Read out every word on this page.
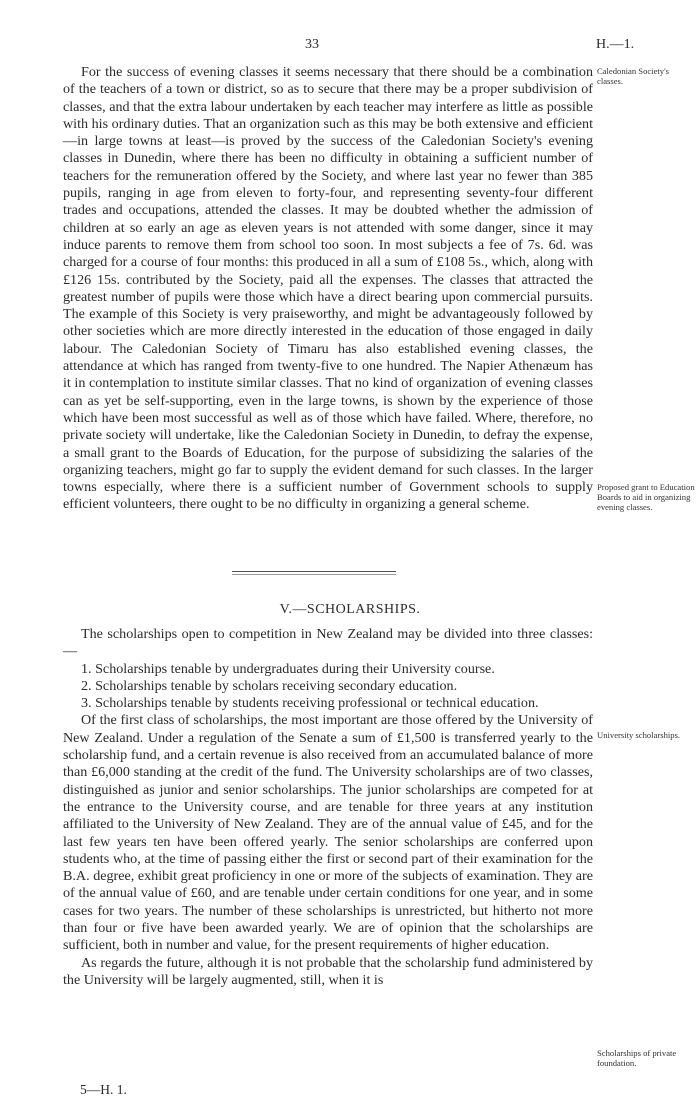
33	H.—1.

For the success of evening classes it seems necessary that there should be a combination of the teachers of a town or district, so as to secure that there may be a proper subdivision of classes, and that the extra labour undertaken by each teacher may interfere as little as possible with his ordinary duties. That an organization such as this may be both extensive and efficient—in large towns at least—is proved by the success of the Caledonian Society's evening classes in Dunedin, where there has been no difficulty in obtaining a sufficient number of teachers for the remuneration offered by the Society, and where last year no fewer than 385 pupils, ranging in age from eleven to forty-four, and representing seventy-four different trades and occupations, attended the classes. It may be doubted whether the admission of children at so early an age as eleven years is not attended with some danger, since it may induce parents to remove them from school too soon. In most subjects a fee of 7s. 6d. was charged for a course of four months: this produced in all a sum of £108 5s., which, along with £126 15s. contributed by the Society, paid all the expenses. The classes that attracted the greatest number of pupils were those which have a direct bearing upon commercial pursuits. The example of this Society is very praiseworthy, and might be advantageously followed by other societies which are more directly interested in the education of those engaged in daily labour. The Caledonian Society of Timaru has also established evening classes, the attendance at which has ranged from twenty-five to one hundred. The Napier Athenæum has it in contemplation to institute similar classes. That no kind of organization of evening classes can as yet be self-supporting, even in the large towns, is shown by the experience of those which have been most successful as well as of those which have failed. Where, therefore, no private society will undertake, like the Caledonian Society in Dunedin, to defray the expense, a small grant to the Boards of Education, for the purpose of subsidizing the salaries of the organizing teachers, might go far to supply the evident demand for such classes. In the larger towns especially, where there is a sufficient number of Government schools to supply efficient volunteers, there ought to be no difficulty in organizing a general scheme.

Caledonian Society's classes.
Proposed grant to Education Boards to aid in organizing evening classes.
V.—SCHOLARSHIPS.

The scholarships open to competition in New Zealand may be divided into three classes:—

1. Scholarships tenable by undergraduates during their University course.

2. Scholarships tenable by scholars receiving secondary education.

3. Scholarships tenable by students receiving professional or technical education.

Of the first class of scholarships, the most important are those offered by the University of New Zealand. Under a regulation of the Senate a sum of £1,500 is transferred yearly to the scholarship fund, and a certain revenue is also received from an accumulated balance of more than £6,000 standing at the credit of the fund. The University scholarships are of two classes, distinguished as junior and senior scholarships. The junior scholarships are competed for at the entrance to the University course, and are tenable for three years at any institution affiliated to the University of New Zealand. They are of the annual value of £45, and for the last few years ten have been offered yearly. The senior scholarships are conferred upon students who, at the time of passing either the first or second part of their examination for the B.A. degree, exhibit great proficiency in one or more of the subjects of examination. They are of the annual value of £60, and are tenable under certain conditions for one year, and in some cases for two years. The number of these scholarships is unrestricted, but hitherto not more than four or five have been awarded yearly. We are of opinion that the scholarships are sufficient, both in number and value, for the present requirements of higher education.

As regards the future, although it is not probable that the scholarship fund administered by the University will be largely augmented, still, when it is

University scholarships.
Scholarships of private foundation.
5—H. 1.
